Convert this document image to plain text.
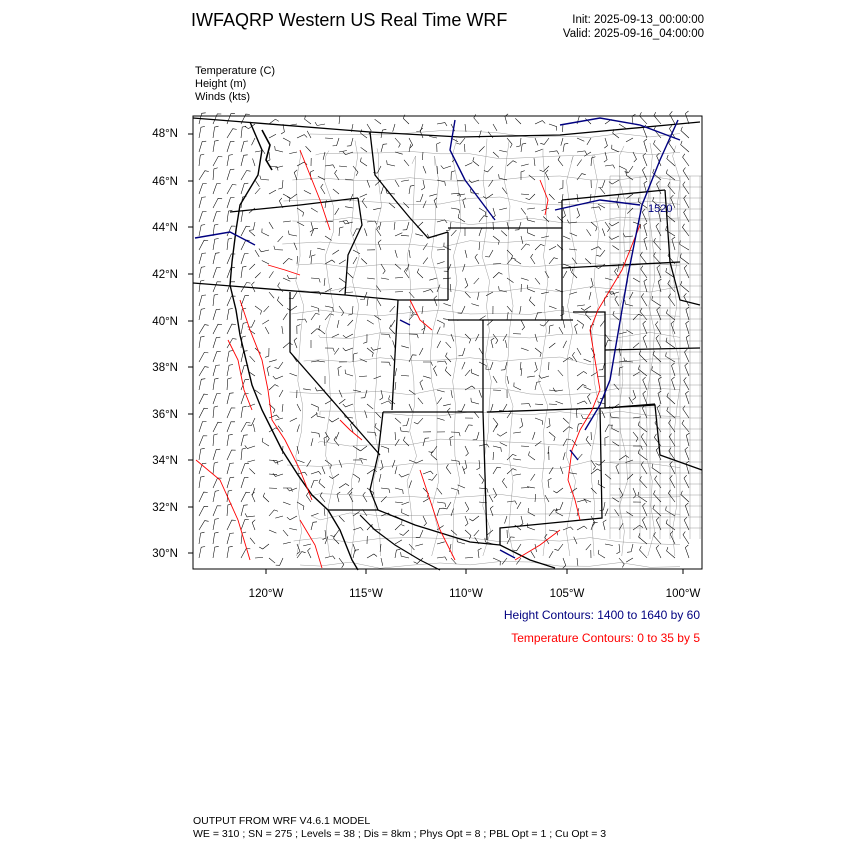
IWFAQRP Western US Real Time WRF	Init: 2025-09-13_00:00:00
Valid: 2025-09-16_04:00:00
Temperature (C)
Height (m)
Winds (kts)
1520
48°N
46°N
44°N
42°N
40°N
38°N
36°N
34°N
32°N
30°N
120°W	115°W	110°W	105°W	100°W
Height Contours: 1400 to 1640 by 60
Temperature Contours: 0 to 35 by 5
OUTPUT FROM WRF V4.6.1 MODEL
WE = 310 ; SN = 275 ; Levels = 38 ; Dis = 8km ; Phys Opt = 8 ; PBL Opt = 1 ; Cu Opt = 3
